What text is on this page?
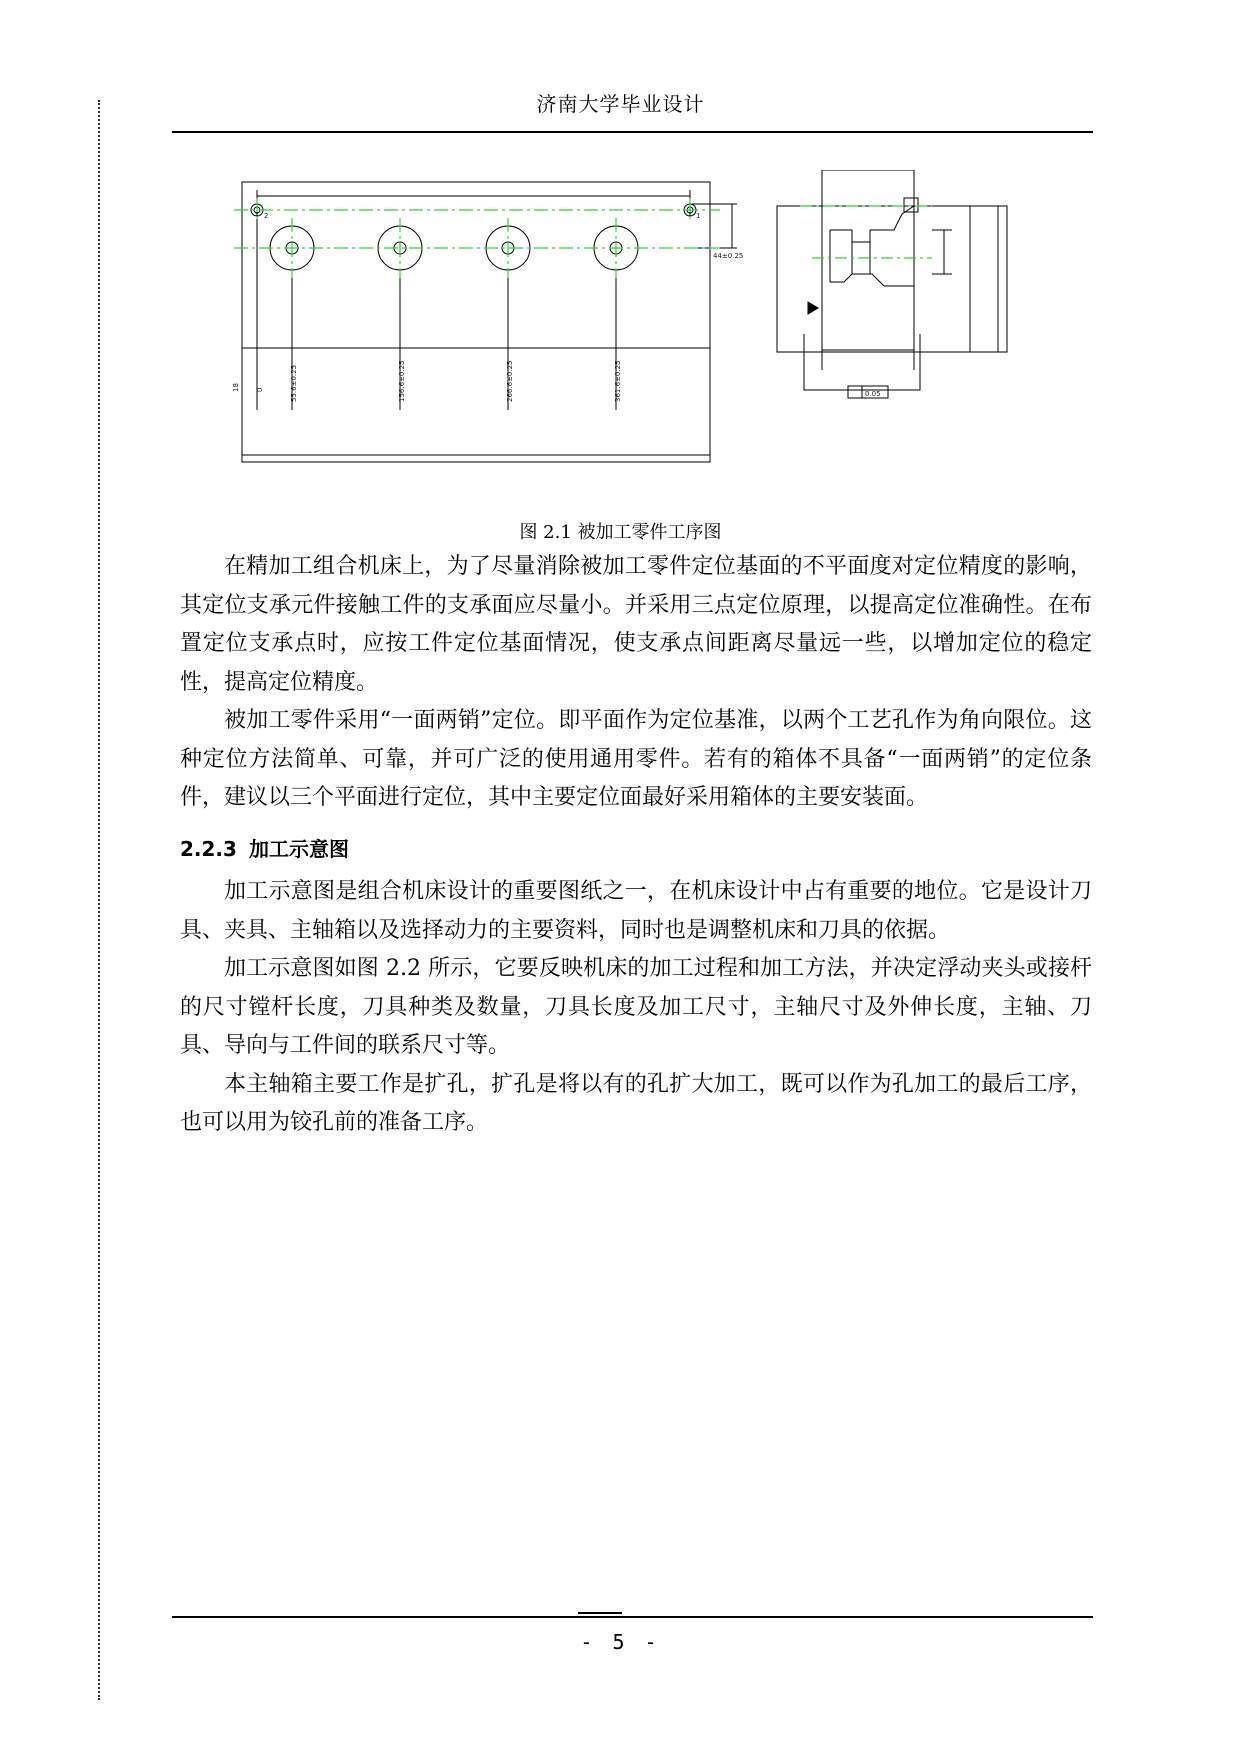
济南大学毕业设计
44±0.25
2	1
18 0	55.6±0.25	156.6±0.25	266.6±0.25	361.6±0.25	0.05
图 2.1 被加工零件工序图

在精加工组合机床上，为了尽量消除被加工零件定位基面的不平面度对定位精度的影响，其定位支承元件接触工件的支承面应尽量小。并采用三点定位原理，以提高定位准确性。在布置定位支承点时，应按工件定位基面情况，使支承点间距离尽量远一些，以增加定位的稳定性，提高定位精度。

被加工零件采用“一面两销”定位。即平面作为定位基准，以两个工艺孔作为角向限位。这种定位方法简单、可靠，并可广泛的使用通用零件。若有的箱体不具备“一面两销”的定位条件，建议以三个平面进行定位，其中主要定位面最好采用箱体的主要安装面。

2.2.3 加工示意图

加工示意图是组合机床设计的重要图纸之一，在机床设计中占有重要的地位。它是设计刀具、夹具、主轴箱以及选择动力的主要资料，同时也是调整机床和刀具的依据。

加工示意图如图 2.2 所示，它要反映机床的加工过程和加工方法，并决定浮动夹头或接杆的尺寸镗杆长度，刀具种类及数量，刀具长度及加工尺寸，主轴尺寸及外伸长度，主轴、刀具、导向与工件间的联系尺寸等。

本主轴箱主要工作是扩孔，扩孔是将以有的孔扩大加工，既可以作为孔加工的最后工序，也可以用为铰孔前的准备工序。

- 5 -
